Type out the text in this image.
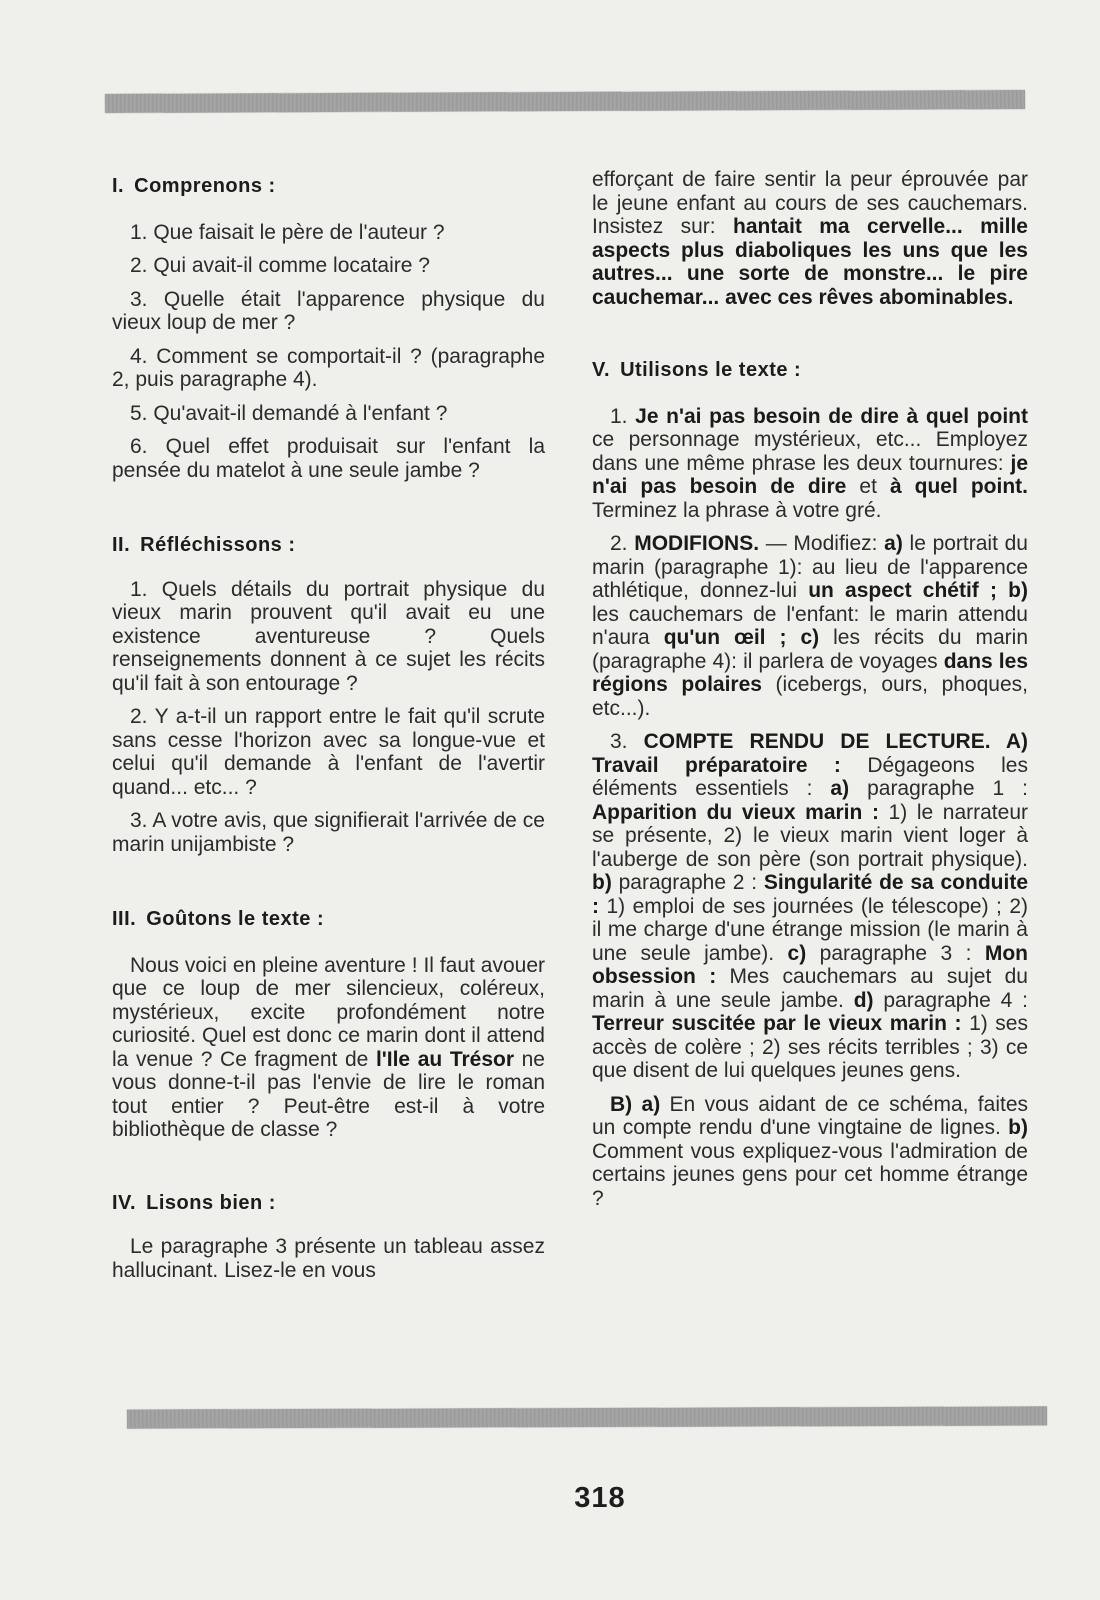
I. Comprenons :

1. Que faisait le père de l'auteur ?

2. Qui avait-il comme locataire ?

3. Quelle était l'apparence physique du vieux loup de mer ?

4. Comment se comportait-il ? (paragraphe 2, puis paragraphe 4).

5. Qu'avait-il demandé à l'enfant ?

6. Quel effet produisait sur l'enfant la pensée du matelot à une seule jambe ?

II. Réfléchissons :

1. Quels détails du portrait physique du vieux marin prouvent qu'il avait eu une existence aventureuse ? Quels renseignements donnent à ce sujet les récits qu'il fait à son entourage ?

2. Y a-t-il un rapport entre le fait qu'il scrute sans cesse l'horizon avec sa longue-vue et celui qu'il demande à l'enfant de l'avertir quand... etc... ?

3. A votre avis, que signifierait l'arrivée de ce marin unijambiste ?

III. Goûtons le texte :

Nous voici en pleine aventure ! Il faut avouer que ce loup de mer silencieux, coléreux, mystérieux, excite profondément notre curiosité. Quel est donc ce marin dont il attend la venue ? Ce fragment de l'Ile au Trésor ne vous donne-t-il pas l'envie de lire le roman tout entier ? Peut-être est-il à votre bibliothèque de classe ?

IV. Lisons bien :

Le paragraphe 3 présente un tableau assez hallucinant. Lisez-le en vous

efforçant de faire sentir la peur éprouvée par le jeune enfant au cours de ses cauchemars. Insistez sur: hantait ma cervelle... mille aspects plus diaboliques les uns que les autres... une sorte de monstre... le pire cauchemar... avec ces rêves abominables.

V. Utilisons le texte :

1. Je n'ai pas besoin de dire à quel point ce personnage mystérieux, etc... Employez dans une même phrase les deux tournures: je n'ai pas besoin de dire et à quel point. Terminez la phrase à votre gré.

2. MODIFIONS. — Modifiez: a) le portrait du marin (paragraphe 1): au lieu de l'apparence athlétique, donnez-lui un aspect chétif ; b) les cauchemars de l'enfant: le marin attendu n'aura qu'un œil ; c) les récits du marin (paragraphe 4): il parlera de voyages dans les régions polaires (icebergs, ours, phoques, etc...).

3. COMPTE RENDU DE LECTURE. A) Travail préparatoire : Dégageons les éléments essentiels : a) paragraphe 1 : Apparition du vieux marin : 1) le narrateur se présente, 2) le vieux marin vient loger à l'auberge de son père (son portrait physique). b) paragraphe 2 : Singularité de sa conduite : 1) emploi de ses journées (le télescope) ; 2) il me charge d'une étrange mission (le marin à une seule jambe). c) paragraphe 3 : Mon obsession : Mes cauchemars au sujet du marin à une seule jambe. d) paragraphe 4 : Terreur suscitée par le vieux marin : 1) ses accès de colère ; 2) ses récits terribles ; 3) ce que disent de lui quelques jeunes gens.

B) a) En vous aidant de ce schéma, faites un compte rendu d'une vingtaine de lignes. b) Comment vous expliquez-vous l'admiration de certains jeunes gens pour cet homme étrange ?

318
